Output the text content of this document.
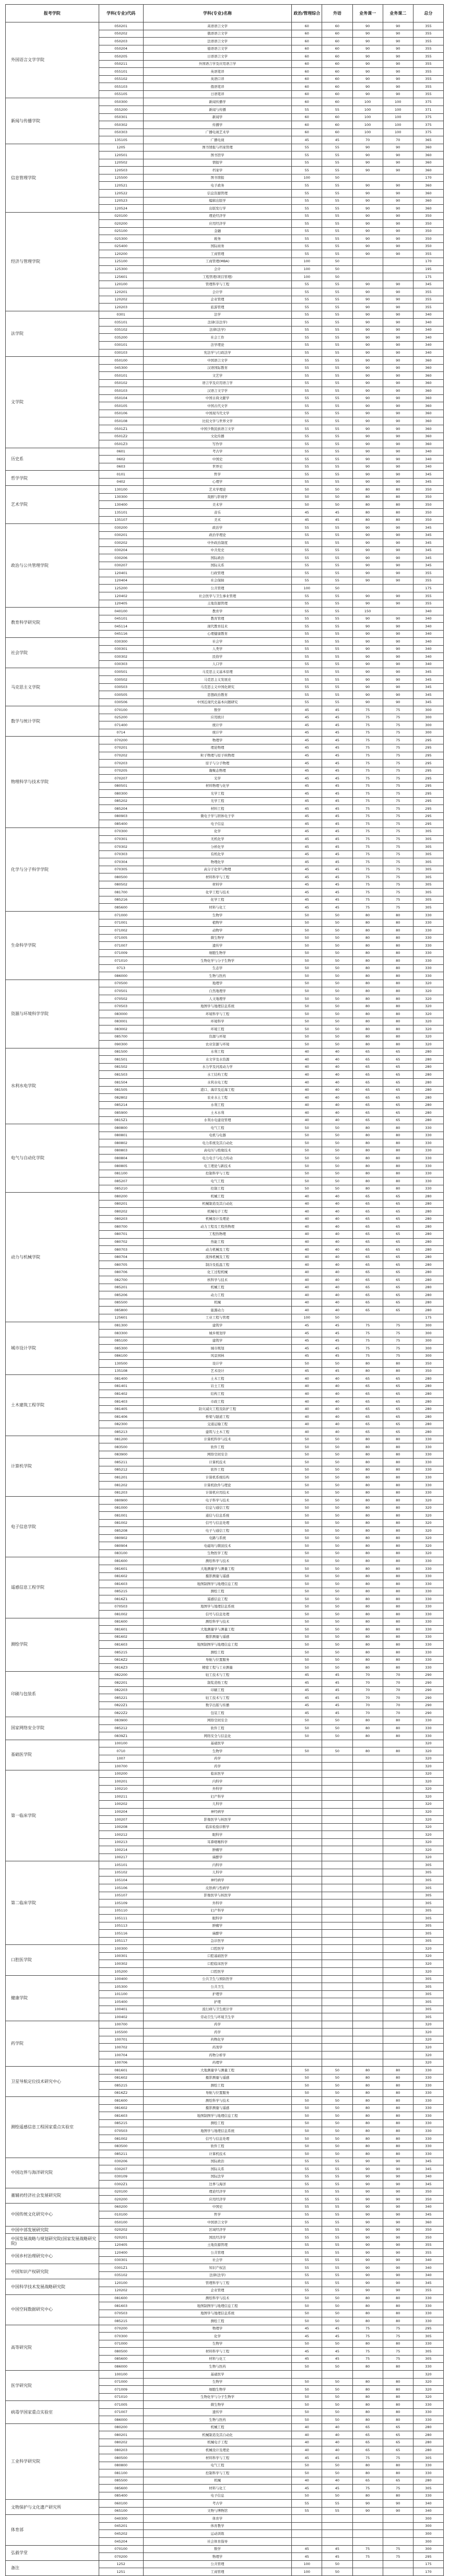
报考学院	学科(专业)代码	学科(专业)名称	政治/管理综合	外语	业务课一	业务课二	总分
外国语言文学学院	050201	英语语言文学	60	60	90	90	355
	050202	俄语语言文学	60	60	90	90	355
	050203	法语语言文学	60	60	90	90	355
	050204	德语语言文学	60	60	90	90	355
	050205	日语语言文学	60	60	90	90	355
	050211	外国语言学及应用语言学	60	60	90	90	355
	055101	英语笔译	60	60	90	90	355
	055102	英语口译	60	60	90	90	355
	055103	俄语笔译	60	60	90	90	355
	055105	日语笔译	60	60	90	90	355
新闻与传播学院	050300	新闻传播学	60	60	100	100	375
	055200	新闻与传播	55	55	100	100	371
	050301	新闻学	60	60	100	100	375
	050302	传播学	60	60	100	100	375
	050303	广播电视艺术学	60	60	100	100	375
	135105	广播电视	45	45	70	70	365
信息管理学院	1205	图书情报与档案管理	55	55	90	90	360
	120501	图书馆学	55	55	90	90	360
	120502	情报学	55	55	90	90	360
	120503	档案学	55	55	90	90	360
	125500	图书情报	100	50			170
	120521	电子政务	55	55	90	90	360
	120522	信息资源管理	55	55	90	90	360
	120523	编辑出版学	55	55	90	90	360
	120524	出版发行学	55	55	90	90	360
经济与管理学院	020100	理论经济学	55	55	90	90	350
	020200	应用经济学	55	55	90	90	350
	025100	金融	55	55	90	90	350
	025300	税务	55	55	90	90	350
	025400	国际商务	55	55	90	90	350
	120200	工商管理	55	55	90	90	355
	125100	工商管理(MBA)	100	50			170
	125300	会计	100	50			195
	125601	工程管理(项目管理)	100	50			175
	120100	管理科学与工程	55	55	90	90	345
	120201	会计学	55	55	90	90	355
	120202	企业管理	55	55	90	90	355
	120203	旅游管理	55	55	90	90	355
法学院	0301	法学	55	55	90	90	340
	035101	法律(非法学)	55	55	90	90	340
	035102	法律(法学)	55	55	90	90	340
	035200	社会工作	55	55	90	90	340
	030101	法学理论	55	55	90	90	340
	030103	宪法学与行政法学	55	55	90	90	340
文学院	050100	中国语言文学	55	55	90	90	360
	045300	汉语国际教育	55	55	90	90	360
	050101	文艺学	55	55	90	90	360
	050102	语言学及应用语言学	55	55	90	90	360
	050103	汉语言文字学	55	55	90	90	360
	050104	中国古典文献学	55	55	90	90	360
	050105	中国古代文学	55	55	90	90	360
	050106	中国现当代文学	55	55	90	90	360
	050108	比较文学与世界文学	55	55	90	90	360
	0501Z1	中国少数民族语言文学	55	55	90	90	360
	0501Z2	文化传播	55	55	90	90	360
	0501Z3	写作学	55	55	90	90	360
历史系	0601	考古学	55	55	90	90	340
	0602	中国史	55	55	90	90	340
	0603	世界史	55	55	90	90	340
哲学学院	0101	哲学	55	55	90	90	345
	0402	心理学	55	55	90	90	345
艺术学院	130100	艺术学理论	50	50	80	80	350
	130300	戏剧与影视学	50	50	80	80	350
	130400	美术学	50	50	80	80	350
	135101	音乐	45	45	80	80	350
	135107	美术	45	45	80	80	350
政治与公共管理学院	030200	政治学	55	55	90	90	345
	030201	政治学理论	55	55	90	90	345
	030202	中外政治制度	55	55	90	90	345
	030204	中共党史	55	55	90	90	345
	030206	国际政治	55	55	90	90	345
	030207	国际关系	55	55	90	90	345
	120401	行政管理	55	55	90	90	355
	120404	社会保障	55	55	90	90	355
	125200	公共管理	100	50			175
	120402	社会医学与卫生事业管理	55	55	90	90	355
	120405	土地资源管理	55	55	90	90	355
教育科学研究院	040100	教育学	55	55	150		340
	045101	教育管理	55	55	90	90	340
	045114	现代教育技术	55	55	90	90	340
	045116	心理健康教育	55	55	90	90	340
社会学院	030300	社会学	55	55	90	90	340
	030301	人类学	55	55	90	90	340
	030302	民俗学	55	55	90	90	340
	030303	人口学	55	55	90	90	340
马克思主义学院	030501	马克思主义基本原理	55	55	90	90	345
	030502	马克思主义发展史	55	55	90	90	345
	030503	马克思主义中国化研究	55	55	90	90	345
	030505	思想政治教育	55	55	90	90	345
	030506	中国近现代史基本问题研究	55	55	90	90	345
数学与统计学院	070100	数学	45	45	75	75	300
	025200	应用统计	45	45	75	75	300
	071400	统计学	45	45	75	75	300
	0714	统计学	45	45	75	75	300
物理科学与技术学院	070200	物理学	45	45	75	75	295
	070201	理论物理	45	45	75	75	295
	070202	粒子物理与原子核物理	45	45	75	75	295
	070203	原子与分子物理	45	45	75	75	295
	070205	凝聚态物理	45	45	75	75	295
	070207	光学	45	45	75	75	295
	080501	材料物理与化学	45	45	75	75	295
	080300	光学工程	45	45	75	75	295
	085202	光学工程	45	45	75	75	295
	085204	材料工程	45	45	75	75	295
	080903	微电子学与固体电子学	45	45	75	75	295
	085400	电子信息	45	45	75	75	295
化学与分子科学学院	070300	化学	45	45	75	75	305
	070301	无机化学	45	45	75	75	305
	070302	分析化学	45	45	75	75	305
	070303	有机化学	45	45	75	75	305
	070304	物理化学	45	45	75	75	305
	070305	高分子化学与物理	45	45	75	75	305
	080500	材料科学与工程	45	45	75	75	305
	080502	材料学	45	45	75	75	305
	081700	化学工程与技术	45	45	75	75	305
	085216	化学工程	45	45	75	75	305
	085600	材料与化工	45	45	75	75	305
生命科学学院	071000	生物学	50	50	80	80	330
	071001	植物学	50	50	80	80	330
	071002	动物学	50	50	80	80	330
	071005	微生物学	50	50	80	80	330
	071007	遗传学	50	50	80	80	330
	071009	细胞生物学	50	50	80	80	330
	071010	生物化学与分子生物学	50	50	80	80	330
	0713	生态学	50	50	80	80	330
	086000	生物与医药	50	50	80	80	330
资源与环境科学学院	070500	地理学	50	50	80	80	320
	070501	自然地理学	50	50	80	80	320
	070502	人文地理学	50	50	80	80	320
	070503	地图学与地理信息系统	50	50	80	80	320
	083000	环境科学与工程	50	50	80	80	320
	083001	环境科学	50	50	80	80	320
	083002	环境工程	50	50	80	80	320
	085700	资源与环境	50	50	80	80	320
	090300	农业资源与环境	50	50	80	80	320
水利水电学院	081500	水利工程	40	40	65	65	280
	081501	水文学及水资源	40	40	65	65	280
	081502	水力学及河流动力学	40	40	65	65	280
	081503	水工结构工程	40	40	65	65	280
	081504	水利水电工程	40	40	65	65	280
	081505	港口、海岸及近海工程	40	40	65	65	280
	082802	农业水土工程	40	40	65	65	280
	085214	水利工程	40	40	65	65	280
	085900	土木水利	40	40	65	65	280
	0815Z1	水利水电建设管理	40	40	65	65	280
电气与自动化学院	080800	电气工程	50	50	80	80	330
	080801	电机与电器	50	50	80	80	330
	080802	电力系统及其自动化	50	50	80	80	330
	080803	高电压与绝缘技术	50	50	80	80	330
	080804	电力电子与电力传动	50	50	80	80	330
	080805	电工理论与新技术	50	50	80	80	330
	081100	控制科学与工程	50	50	80	80	330
	085207	电气工程	50	50	80	80	330
	085210	控制工程	50	50	80	80	330
动力与机械学院	080200	机械工程	40	40	65	65	280
	080201	机械制造及其自动化	40	40	65	65	280
	080202	机械电子工程	40	40	65	65	280
	080203	机械设计及理论	40	40	65	65	280
	080700	动力工程及工程热物理	40	40	65	65	280
	080701	工程热物理	40	40	65	65	280
	080702	热能工程	40	40	65	65	280
	080703	动力机械及工程	40	40	65	65	280
	080704	流体机械及工程	40	40	65	65	280
	080705	制冷及低温工程	40	40	65	65	280
	080706	化工过程机械	40	40	65	65	280
	082700	核科学与技术	40	40	65	65	280
	085201	机械工程	40	40	65	65	280
	085206	动力工程	40	40	65	65	280
	085500	机械	40	40	65	65	280
	085800	能源动力	40	40	65	65	280
	125601	工业工程与管理	100	50			175
城市设计学院	081300	建筑学	45	45	75	75	300
	083300	城乡规划学	45	45	75	75	300
	085100	建筑学	45	45	75	75	300
	085300	城市规划	45	45	75	75	300
	086100	风景园林	45	45	75	75	300
	130500	设计学	50	50	80	80	350
	135108	艺术设计	45	45	80	80	350
土木建筑工程学院	081400	土木工程	40	40	65	65	280
	081401	岩土工程	40	40	65	65	280
	081402	结构工程	40	40	65	65	280
	081403	市政工程	40	40	65	65	280
	081405	防灾减灾工程及防护工程	40	40	65	65	280
	081406	桥梁与隧道工程	40	40	65	65	280
	082300	交通运输工程	40	40	65	65	280
	085213	建筑与土木工程	40	40	65	65	280
计算机学院	081200	计算机科学与技术	50	50	80	80	330
	083500	软件工程	50	50	80	80	330
	083900	网络空间安全	50	50	80	80	330
	085211	计算机技术	50	50	80	80	330
	085212	软件工程	50	50	80	80	330
	081201	计算机系统结构	50	50	80	80	330
	081202	计算机软件与理论	50	50	80	80	330
	081203	计算机应用技术	50	50	80	80	330
电子信息学院	080900	电子科学与技术	50	50	80	80	320
	081000	信息与通信工程	50	50	80	80	320
	081001	通信与信息系统	50	50	80	80	320
	081002	信号与信息处理	50	50	80	80	320
	085208	电子与通信工程	50	50	80	80	320
	080902	电路与系统	50	50	80	80	320
	080904	电磁场与微波技术	50	50	80	80	320
	083100	生物医学工程	50	50	80	80	320
遥感信息工程学院	081600	测绘科学与技术	50	50	80	80	330
	081601	大地测量学与测量工程	50	50	80	80	330
	081602	摄影测量与遥感	50	50	80	80	330
	081603	地图制图学与地理信息工程	50	50	80	80	330
	085215	测绘工程	50	50	80	80	330
	0816Z1	遥感信息工程	50	50	80	80	330
	070503	地图学与地理信息系统	50	50	80	80	330
	081002	信号与信息处理	50	50	80	80	330
测绘学院	081600	测绘科学与技术	50	50	80	80	330
	081601	大地测量学与测量工程	50	50	80	80	330
	081602	摄影测量与遥感	50	50	80	80	330
	081603	地图制图学与地理信息工程	50	50	80	80	330
	085215	测绘工程	50	50	80	80	330
	0816Z2	导航与位置服务	50	50	80	80	330
	0816Z3	精密工程与工业测量	50	50	80	80	330
印刷与包装系	082200	轻工技术与工程	45	45	70	70	290
	082201	制浆造纸工程	45	45	70	70	290
	082203	印刷工程	45	45	70	70	290
	085221	轻工技术与工程	45	45	70	70	290
	0822Z1	数字出版与传播	45	45	70	70	290
	0822Z2	包装工程	45	45	70	70	290
国家网络安全学院	083900	网络空间安全	50	50	80	80	330
	085212	软件工程	50	50	80	80	330
	0839Z1	网络安全与信息化	50	50	80	80	330
基础医学院	100100	基础医学					320
	0710	生物学	50	50	80	80	320
	1007	药学					320
	100700	药学					320
第一临床学院	100200	临床医学					320
	100201	内科学					320
	100210	外科学					320
	100211	妇产科学					320
	100202	儿科学					320
	100204	神经病学					320
	100207	影像医学与核医学					320
	100208	临床检验诊断学					320
	100212	眼科学					320
	100213	耳鼻咽喉科学					320
	100214	肿瘤学					320
	100217	麻醉学					320
第二临床学院	105101	内科学					305
	105102	儿科学					305
	105104	神经病学					305
	105106	皮肤病与性病学					305
	105107	影像医学与核医学					305
	105109	外科学					305
	105110	妇产科学					305
	105111	眼科学					305
	105113	肿瘤学					305
	105116	麻醉学					305
	105117	急诊医学					305
口腔医学院	100300	口腔医学					320
	100301	口腔基础医学					320
	100302	口腔临床医学					320
	105200	口腔医学					320
健康学院	100400	公共卫生与预防医学					305
	105300	公共卫生					305
	101100	护理学					305
	105400	护理					305
	100401	流行病与卫生统计学					305
	100402	劳动卫生与环境卫生学					305
药学院	100700	药学					320
	105500	药学					320
	100701	药物化学					320
	100702	药剂学					320
	100704	药物分析学					320
	100706	药理学					320
卫星导航定位技术研究中心	081601	大地测量学与测量工程	50	50	80	80	330
	081602	摄影测量与遥感	50	50	80	80	330
	085215	测绘工程	50	50	80	80	330
	0816Z2	导航与位置服务	50	50	80	80	330
测绘遥感信息工程国家重点实验室	081600	测绘科学与技术	50	50	80	80	330
	081602	摄影测量与遥感	50	50	80	80	330
	081603	地图制图学与地理信息工程	50	50	80	80	330
	085215	测绘工程	50	50	80	80	330
	070503	地图学与地理信息系统	50	50	80	80	330
	081002	信号与信息处理	50	50	80	80	330
	083500	软件工程	50	50	80	80	330
	085211	计算机技术	50	50	80	80	330
中国边界与海洋研究院	030206	国际政治	55	55	90	90	345
	030207	国际关系	55	55	90	90	345
	030109	国际法学	55	55	90	90	340
	0302Z1	边界与海洋	55	55	90	90	345
董辅礽经济社会发展研究院	020100	理论经济学	55	55	90	90	350
	020200	应用经济学	55	55	90	90	350
中国传统文化研究中心	060200	中国史	55	55	90	90	340
	010100	哲学	55	55	90	90	345
	050100	中国语言文学	55	55	90	90	360
中国中部发展研究院	020202	区域经济学	55	55	90	90	350
中国发展战略与规划研究院(国家发展战略研究院)	020201	国民经济学	55	55	90	90	350
	120405	土地资源管理	55	55	90	90	355
中国乡村治理研究中心	120400	公共管理	55	55	90	90	355
	030301	社会学	55	55	90	90	340
中国知识产权研究院	0301Z1	知识产权法	55	55	90	90	340
	035102	法律(法学)	55	55	90	90	340
中国科学技术发展战略研究院	120100	管理科学与工程	55	55	90	90	345
	120202	企业管理	55	55	90	90	355
中国空间数据研究中心	081600	测绘科学与技术	50	50	80	80	330
	081603	地图制图学与地理信息工程	50	50	80	80	330
	070503	地图学与地理信息系统	50	50	80	80	330
	085215	测绘工程	50	50	80	80	330
高等研究院	070200	物理学	45	45	75	75	295
	070300	化学	45	45	75	75	305
	071000	生物学	50	50	80	80	330
	080500	材料科学与工程	45	45	75	75	305
	085600	材料与化工	45	45	75	75	305
	086000	生物与医药	50	50	80	80	330
医学研究院	100100	基础医学					320
	071000	生物学	50	50	80	80	320
	071009	细胞生物学	50	50	80	80	320
	071010	生物化学与分子生物学	50	50	80	80	320
病毒学国家重点实验室	071005	微生物学	50	50	80	80	330
	071007	遗传学	50	50	80	80	330
	086000	生物与医药	50	50	80	80	330
工业科学研究院	080200	机械工程	40	40	65	65	280
	080201	机械制造及其自动化	40	40	65	65	280
	080202	机械电子工程	40	40	65	65	280
	080203	机械设计及理论	40	40	65	65	280
	080500	材料科学与工程	45	45	75	75	305
	080800	电气工程	50	50	80	80	330
	081100	控制科学与工程	50	50	80	80	330
	085500	机械	40	40	65	65	280
	085600	材料与化工	45	45	75	75	305
	085400	电子信息	50	50	80	80	330
文物保护与文化遗产研究所	060100	考古学	55	55	90	90	340
	065100	文物与博物馆	55	55	90	90	340
体育部	040300	体育学					300
	045201	体育教学					300
	045202	运动训练					300
	045204	社会体育指导					300
弘毅学堂	070100	数学	45	45	75	75	300
	070200	物理学	45	45	75	75	295
备注	1252	公共管理	100	50			175
	1251	工商管理	100	50			170
